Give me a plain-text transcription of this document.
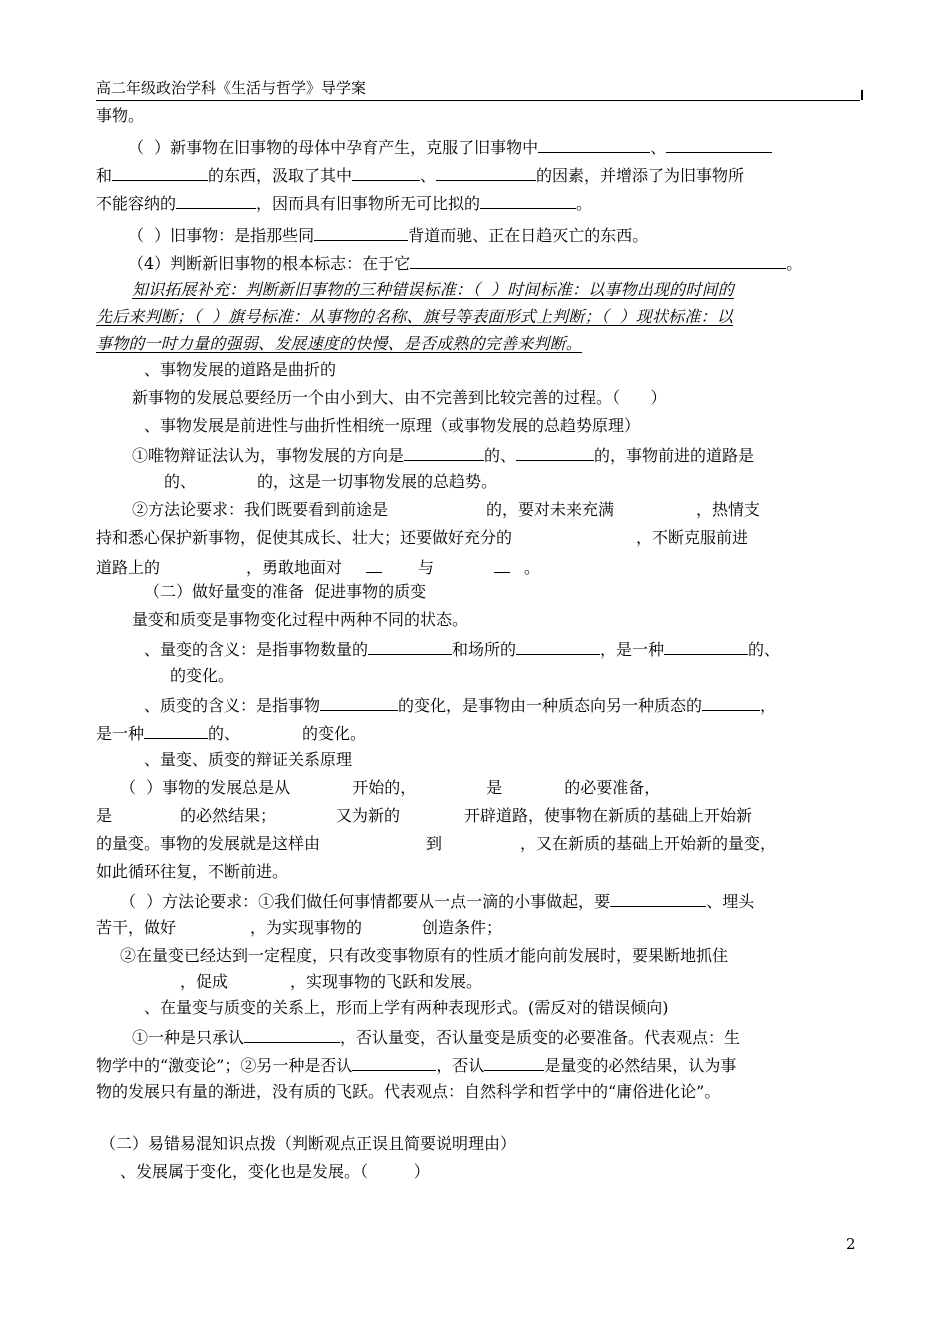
高二年级政治学科《生活与哲学》导学案
事物。
（  ）新事物在旧事物的母体中孕育产生，克服了旧事物中	、
和	的东西，汲取了其中	、	的因素，并增添了为旧事物所
不能容纳的	，因而具有旧事物所无可比拟的	。
（  ）旧事物：是指那些同	背道而驰、正在日趋灭亡的东西。
（4）判断新旧事物的根本标志：在于它	。
知识拓展补充：判断新旧事物的三种错误标准：（  ）时间标准：以事物出现的时间的
先后来判断；（  ）旗号标准：从事物的名称、旗号等表面形式上判断；（  ）现状标准：以
事物的一时力量的强弱、发展速度的快慢、是否成熟的完善来判断。
、事物发展的道路是曲折的
新事物的发展总要经历一个由小到大、由不完善到比较完善的过程。（      ）
、事物发展是前进性与曲折性相统一原理（或事物发展的总趋势原理）
①唯物辩证法认为，事物发展的方向是	的、	的，事物前进的道路是
的、            的，这是一切事物发展的总趋势。
②方法论要求：我们既要看到前途是	的，要对未来充满	，热情支
持和悉心保护新事物，促使其成长、壮大；还要做好充分的	，不断克服前进
道路上的	，勇敢地面对	与	。
（二）做好量变的准备  促进事物的质变
量变和质变是事物变化过程中两种不同的状态。
、量变的含义：是指事物数量的	和场所的	，是一种	的、
的变化。
、质变的含义：是指事物	的变化，是事物由一种质态向另一种质态的	，
是一种	的、	的变化。
、量变、质变的辩证关系原理
（  ）事物的发展总是从	开始的，	是	的必要准备，
是	的必然结果；	又为新的	开辟道路，使事物在新质的基础上开始新
的量变。事物的发展就是这样由	到	，又在新质的基础上开始新的量变，
如此循环往复，不断前进。
（  ）方法论要求：①我们做任何事情都要从一点一滴的小事做起，要	、埋头
苦干，做好	，为实现事物的	创造条件；
②在量变已经达到一定程度，只有改变事物原有的性质才能向前发展时，要果断地抓住
，促成	，实现事物的飞跃和发展。
、在量变与质变的关系上，形而上学有两种表现形式。(需反对的错误倾向)
①一种是只承认	，否认量变，否认量变是质变的必要准备。代表观点：生
物学中的“激变论”；②另一种是否认	，否认	是量变的必然结果，认为事
物的发展只有量的渐进，没有质的飞跃。代表观点：自然科学和哲学中的“庸俗进化论”。
（二）易错易混知识点拨（判断观点正误且简要说明理由）
、发展属于变化，变化也是发展。（         ）
2
